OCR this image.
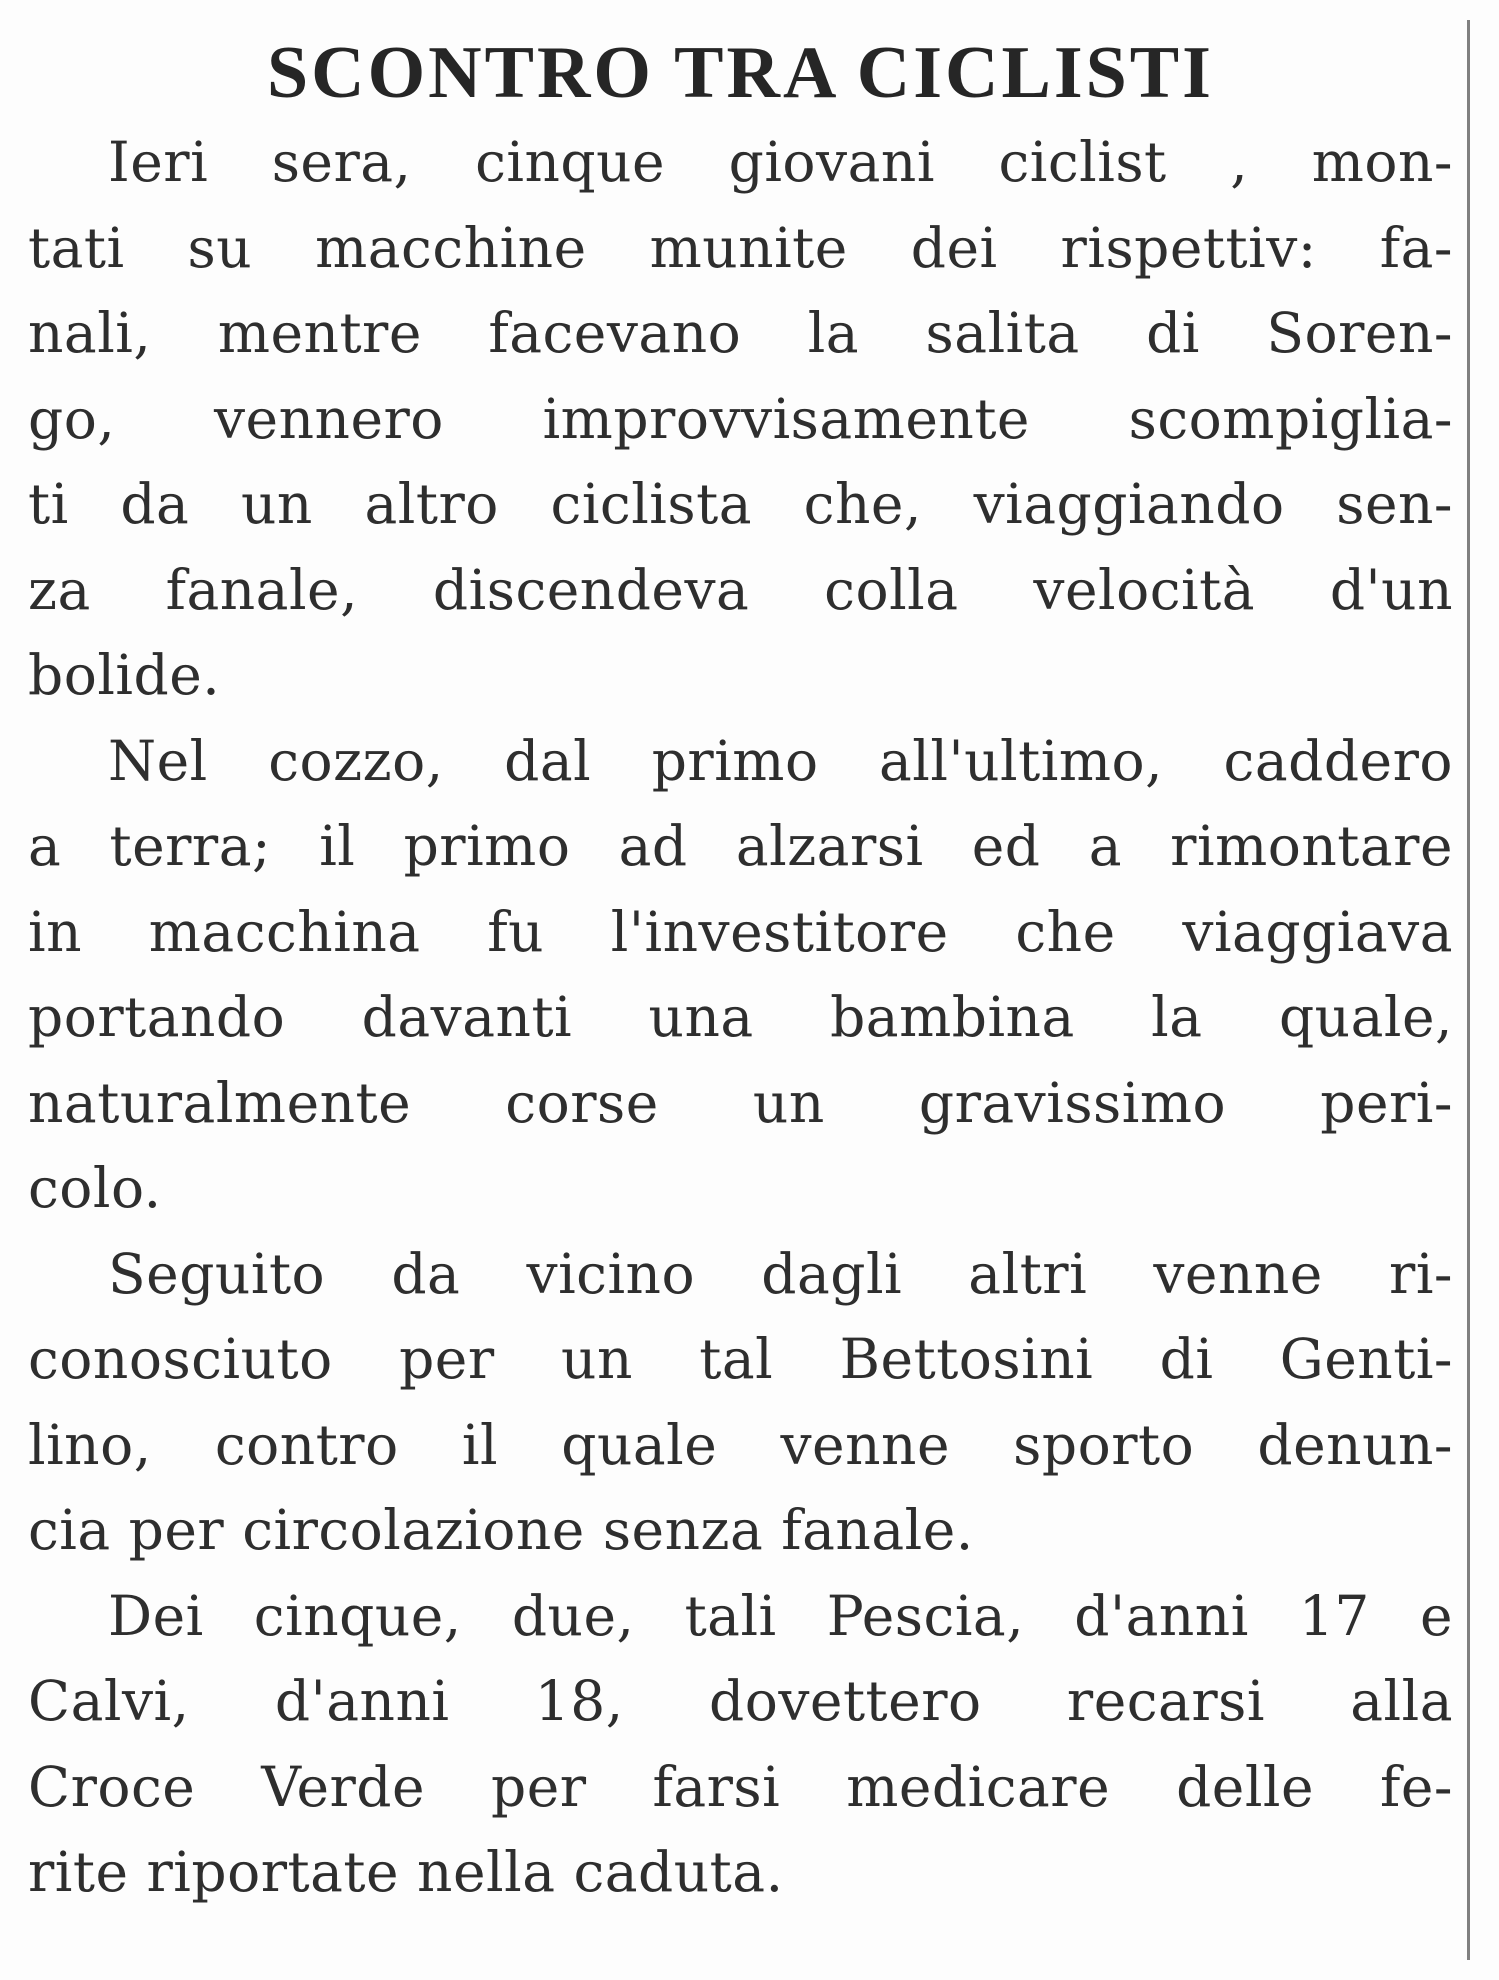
SCONTRO TRA CICLISTI
Ieri sera, cinque giovani ciclist , mon-
tati su macchine munite dei rispettiv: fa-
nali, mentre facevano la salita di Soren-
go, vennero improvvisamente scompiglia-
ti da un altro ciclista che, viaggiando sen-
za fanale, discendeva colla velocità d'un
bolide.
Nel cozzo, dal primo all'ultimo, caddero
a terra; il primo ad alzarsi ed a rimontare
in macchina fu l'investitore che viaggiava
portando davanti una bambina la quale,
naturalmente corse un gravissimo peri-
colo.
Seguito da vicino dagli altri venne ri-
conosciuto per un tal Bettosini di Genti-
lino, contro il quale venne sporto denun-
cia per circolazione senza fanale.
Dei cinque, due, tali Pescia, d'anni 17 e
Calvi, d'anni 18, dovettero recarsi alla
Croce Verde per farsi medicare delle fe-
rite riportate nella caduta.
